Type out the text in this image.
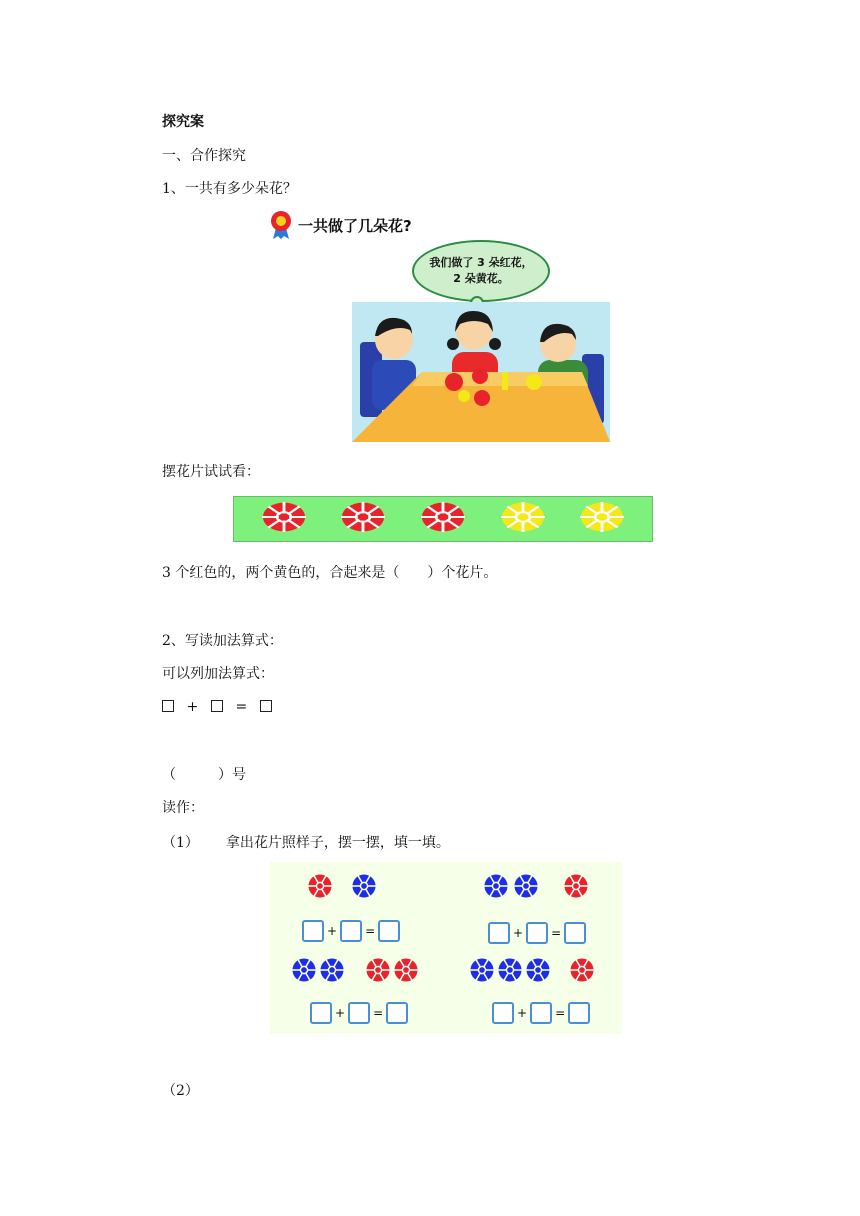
探究案
一、合作探究
1、一共有多少朵花？
一共做了几朵花?
我们做了 3 朵红花，
2 朵黄花。
摆花片试试看：
3 个红色的，两个黄色的，合起来是（　　）个花片。
2、写读加法算式：
可以列加法算式：
+	=
（　　　）号
读作：
（1） 拿出花片照样子，摆一摆，填一填。
+ =	+ =
+ =	+ =
（2）
